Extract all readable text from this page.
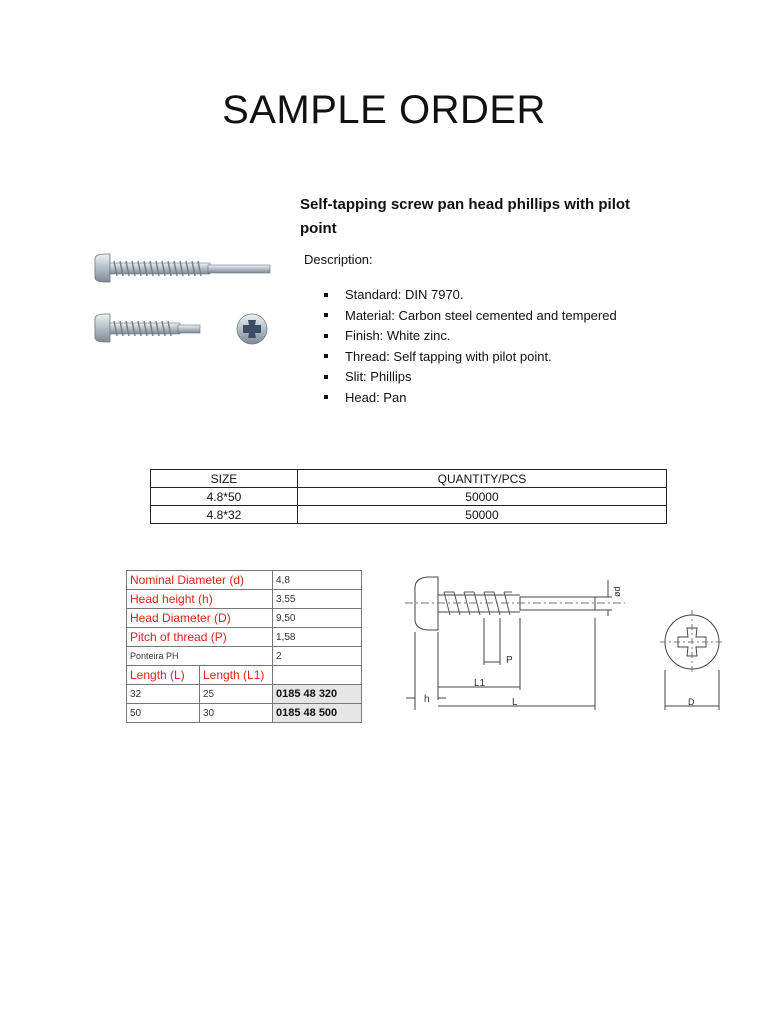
SAMPLE ORDER
Self-tapping screw pan head phillips with pilot point
Description:
Standard: DIN 7970.
Material: Carbon steel cemented and tempered
Finish: White zinc.
Thread: Self tapping with pilot point.
Slit: Phillips
Head: Pan
SIZE	QUANTITY/PCS
4.8*50	50000
4.8*32	50000
Nominal Diameter (d)		4,8
Head height (h)		3,55
Head Diameter (D)		9,50
Pitch of thread (P)		1,58
Ponteira PH		2
Length (L)	Length (L1)	
32	25	0185 48 320
50	30	0185 48 500
ød
P
L1
h	L	D
